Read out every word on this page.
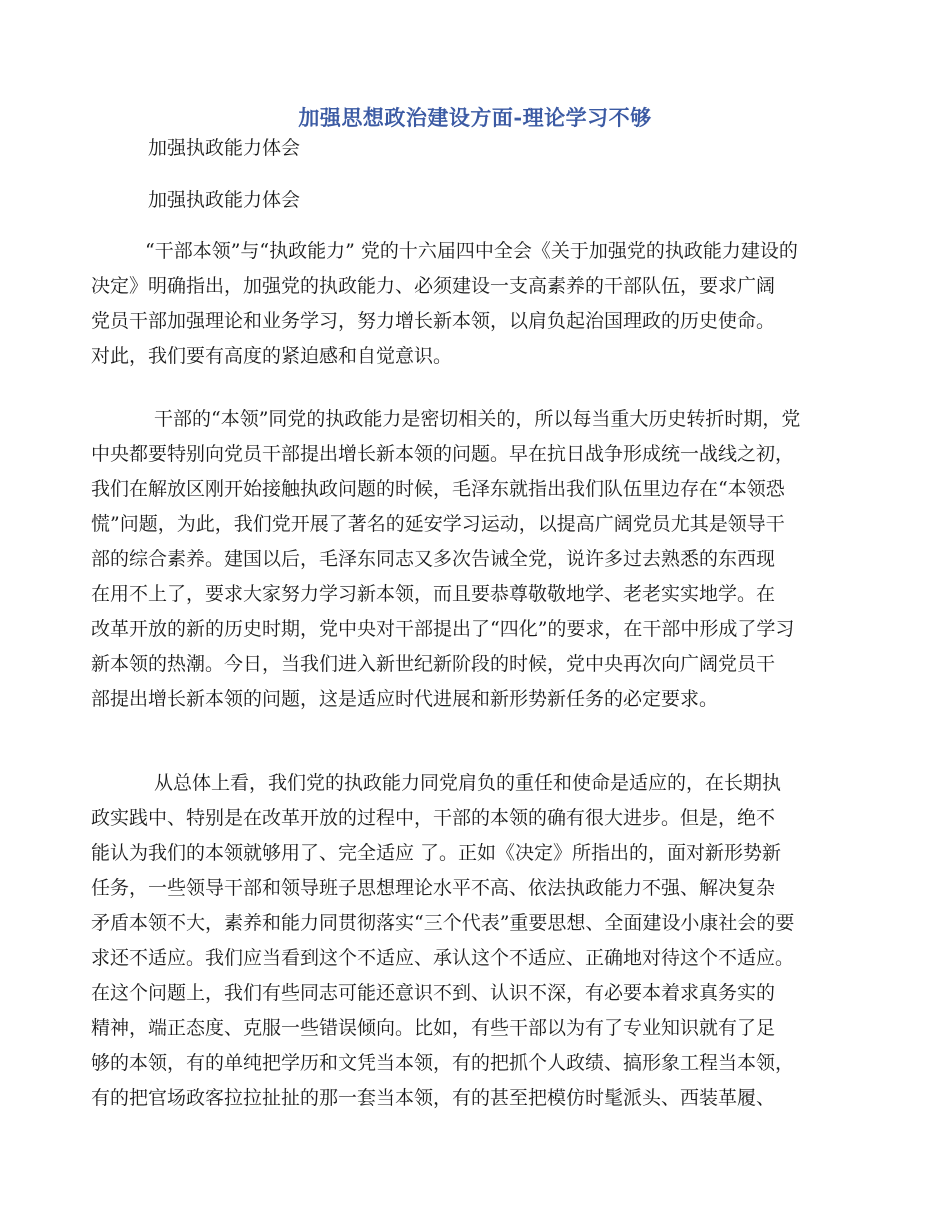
加强思想政治建设方面-理论学习不够
加强执政能力体会
加强执政能力体会
“干部本领”与“执政能力” 党的十六届四中全会《关于加强党的执政能力建设的
决定》明确指出，加强党的执政能力、必须建设一支高素养的干部队伍，要求广阔
党员干部加强理论和业务学习，努力增长新本领，以肩负起治国理政的历史使命。
对此，我们要有高度的紧迫感和自觉意识。
干部的“本领”同党的执政能力是密切相关的，所以每当重大历史转折时期，党
中央都要特别向党员干部提出增长新本领的问题。早在抗日战争形成统一战线之初，
我们在解放区刚开始接触执政问题的时候，毛泽东就指出我们队伍里边存在“本领恐
慌”问题，为此，我们党开展了著名的延安学习运动，以提高广阔党员尤其是领导干
部的综合素养。建国以后，毛泽东同志又多次告诫全党，说许多过去熟悉的东西现
在用不上了，要求大家努力学习新本领，而且要恭尊敬敬地学、老老实实地学。在
改革开放的新的历史时期，党中央对干部提出了“四化”的要求，在干部中形成了学习
新本领的热潮。今日，当我们进入新世纪新阶段的时候，党中央再次向广阔党员干
部提出增长新本领的问题，这是适应时代进展和新形势新任务的必定要求。
从总体上看，我们党的执政能力同党肩负的重任和使命是适应的，在长期执
政实践中、特别是在改革开放的过程中，干部的本领的确有很大进步。但是，绝不
能认为我们的本领就够用了、完全适应 了。正如《决定》所指出的，面对新形势新
任务，一些领导干部和领导班子思想理论水平不高、依法执政能力不强、解决复杂
矛盾本领不大，素养和能力同贯彻落实“三个代表”重要思想、全面建设小康社会的要
求还不适应。我们应当看到这个不适应、承认这个不适应、正确地对待这个不适应。
在这个问题上，我们有些同志可能还意识不到、认识不深，有必要本着求真务实的
精神，端正态度、克服一些错误倾向。比如，有些干部以为有了专业知识就有了足
够的本领，有的单纯把学历和文凭当本领，有的把抓个人政绩、搞形象工程当本领，
有的把官场政客拉拉扯扯的那一套当本领，有的甚至把模仿时髦派头、西装革履、
